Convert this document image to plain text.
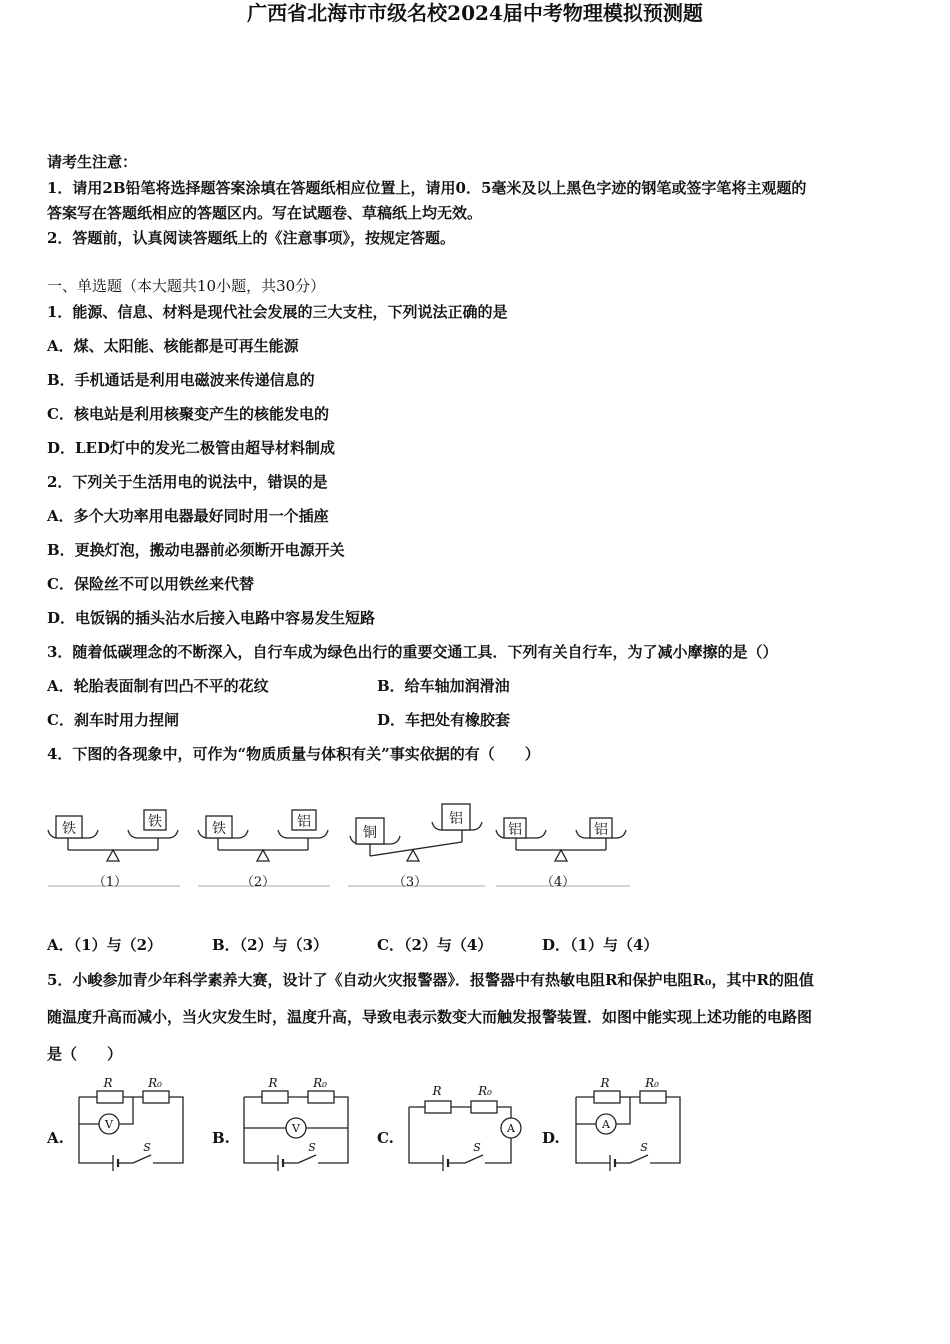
广西省北海市市级名校2024届中考物理模拟预测题
请考生注意：
1．请用2B铅笔将选择题答案涂填在答题纸相应位置上，请用0．5毫米及以上黑色字迹的钢笔或签字笔将主观题的
答案写在答题纸相应的答题区内。写在试题卷、草稿纸上均无效。
2．答题前，认真阅读答题纸上的《注意事项》，按规定答题。
一、单选题（本大题共10小题，共30分）
1．能源、信息、材料是现代社会发展的三大支柱，下列说法正确的是
A．煤、太阳能、核能都是可再生能源
B．手机通话是利用电磁波来传递信息的
C．核电站是利用核聚变产生的核能发电的
D．LED灯中的发光二极管由超导材料制成
2．下列关于生活用电的说法中，错误的是
A．多个大功率用电器最好同时用一个插座
B．更换灯泡，搬动电器前必须断开电源开关
C．保险丝不可以用铁丝来代替
D．电饭锅的插头沾水后接入电路中容易发生短路
3．随着低碳理念的不断深入，自行车成为绿色出行的重要交通工具．下列有关自行车，为了减小摩擦的是（）
A．轮胎表面制有凹凸不平的花纹	B．给车轴加润滑油
C．刹车时用力捏闸	D．车把处有橡胶套
4．下图的各现象中，可作为“物质质量与体积有关”事实依据的有（　　）
铁	铁
（1）
铁	铝
（2）
铜
铝
（3）
铝	铝
（4）
A．（1）与（2）	B．（2）与（3）	C．（2）与（4）	D．（1）与（4）
5．小峻参加青少年科学素养大赛，设计了《自动火灾报警器》．报警器中有热敏电阻R和保护电阻R₀，其中R的阻值
随温度升高而减小，当火灾发生时，温度升高，导致电表示数变大而触发报警装置．如图中能实现上述功能的电路图
是（　　）
A.	B.	C.	D.
R	R₀
V
S
R	R₀
V
S
R	R₀
A
S
R	R₀
A
S
